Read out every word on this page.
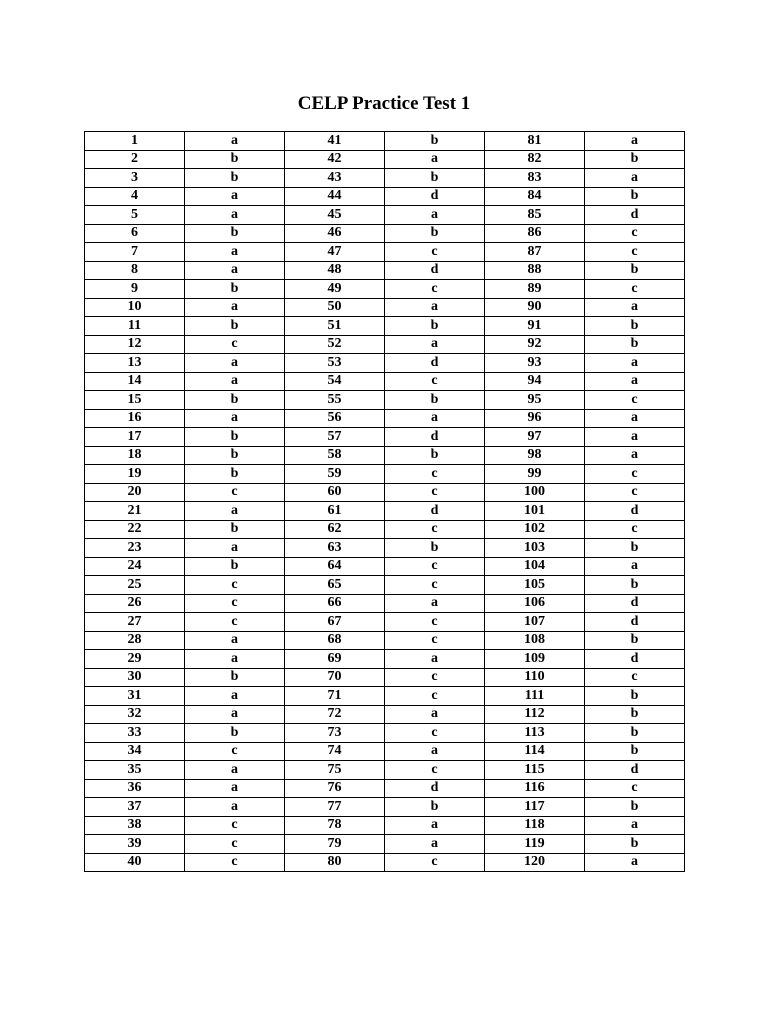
CELP Practice Test 1
1	a	41	b	81	a
2	b	42	a	82	b
3	b	43	b	83	a
4	a	44	d	84	b
5	a	45	a	85	d
6	b	46	b	86	c
7	a	47	c	87	c
8	a	48	d	88	b
9	b	49	c	89	c
10	a	50	a	90	a
11	b	51	b	91	b
12	c	52	a	92	b
13	a	53	d	93	a
14	a	54	c	94	a
15	b	55	b	95	c
16	a	56	a	96	a
17	b	57	d	97	a
18	b	58	b	98	a
19	b	59	c	99	c
20	c	60	c	100	c
21	a	61	d	101	d
22	b	62	c	102	c
23	a	63	b	103	b
24	b	64	c	104	a
25	c	65	c	105	b
26	c	66	a	106	d
27	c	67	c	107	d
28	a	68	c	108	b
29	a	69	a	109	d
30	b	70	c	110	c
31	a	71	c	111	b
32	a	72	a	112	b
33	b	73	c	113	b
34	c	74	a	114	b
35	a	75	c	115	d
36	a	76	d	116	c
37	a	77	b	117	b
38	c	78	a	118	a
39	c	79	a	119	b
40	c	80	c	120	a
